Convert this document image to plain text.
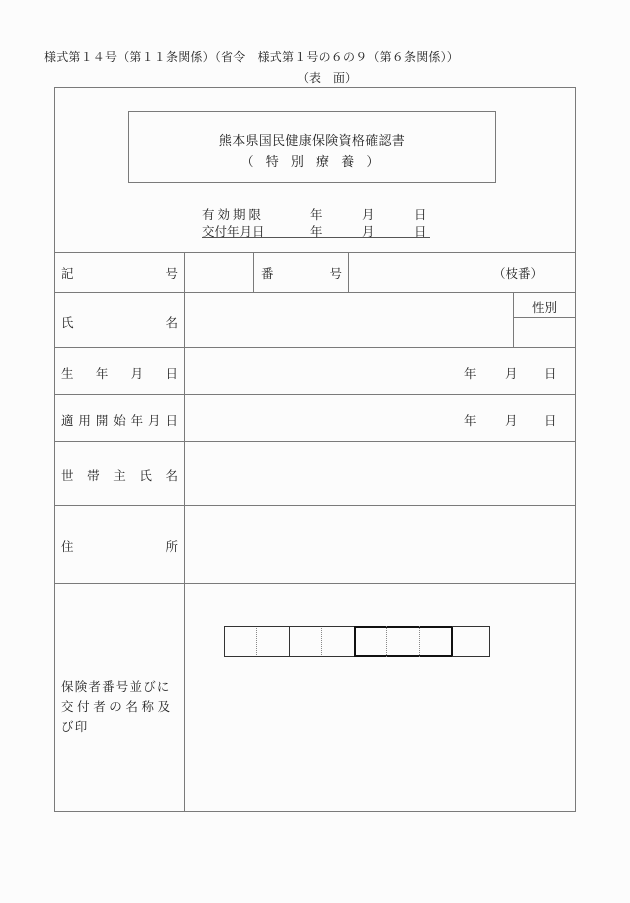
様式第１４号（第１１条関係）（省令　様式第１号の６の９（第６条関係））
（表　面）
熊本県国民健康保険資格確認書
（ 特 別 療 養 ）
有効期限	年	月	日
交付年月日	年	月	日
記	号	番	号	（枝番）
氏	名
性別
生 年 月 日	年 月 日
適 用 開 始 年 月 日	年 月 日
世 帯 主 氏 名
住	所
保険者番号並びに
交付者の名称及
び印
